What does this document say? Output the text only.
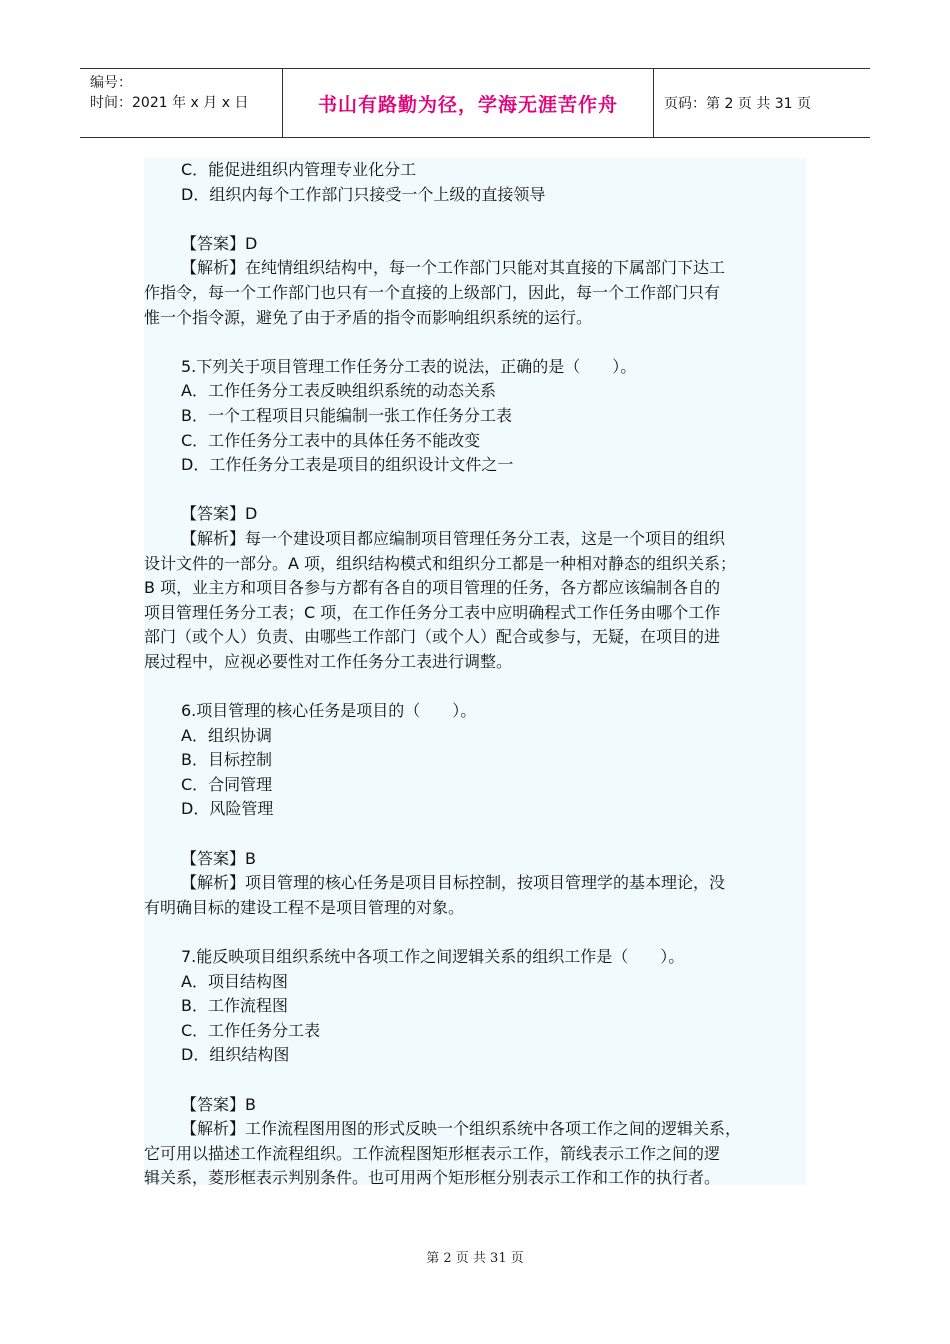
编号：
时间：2021 年 x 月 x 日	书山有路勤为径，学海无涯苦作舟	页码：第 2 页 共 31 页
C．能促进组织内管理专业化分工
D．组织内每个工作部门只接受一个上级的直接领导
【答案】D
【解析】在纯情组织结构中，每一个工作部门只能对其直接的下属部门下达工
作指令，每一个工作部门也只有一个直接的上级部门，因此，每一个工作部门只有
惟一个指令源，避免了由于矛盾的指令而影响组织系统的运行。
5.下列关于项目管理工作任务分工表的说法，正确的是（　　）。
A．工作任务分工表反映组织系统的动态关系
B．一个工程项目只能编制一张工作任务分工表
C．工作任务分工表中的具体任务不能改变
D．工作任务分工表是项目的组织设计文件之一
【答案】D
【解析】每一个建设项目都应编制项目管理任务分工表，这是一个项目的组织
设计文件的一部分。A 项，组织结构模式和组织分工都是一种相对静态的组织关系；
B 项，业主方和项目各参与方都有各自的项目管理的任务，各方都应该编制各自的
项目管理任务分工表；C 项，在工作任务分工表中应明确程式工作任务由哪个工作
部门（或个人）负责、由哪些工作部门（或个人）配合或参与，无疑，在项目的进
展过程中，应视必要性对工作任务分工表进行调整。
6.项目管理的核心任务是项目的（　　）。
A．组织协调
B．目标控制
C．合同管理
D．风险管理
【答案】B
【解析】项目管理的核心任务是项目目标控制，按项目管理学的基本理论，没
有明确目标的建设工程不是项目管理的对象。
7.能反映项目组织系统中各项工作之间逻辑关系的组织工作是（　　）。
A．项目结构图
B．工作流程图
C．工作任务分工表
D．组织结构图
【答案】B
【解析】工作流程图用图的形式反映一个组织系统中各项工作之间的逻辑关系，
它可用以描述工作流程组织。工作流程图矩形框表示工作，箭线表示工作之间的逻
辑关系，菱形框表示判别条件。也可用两个矩形框分别表示工作和工作的执行者。
第 2 页 共 31 页
